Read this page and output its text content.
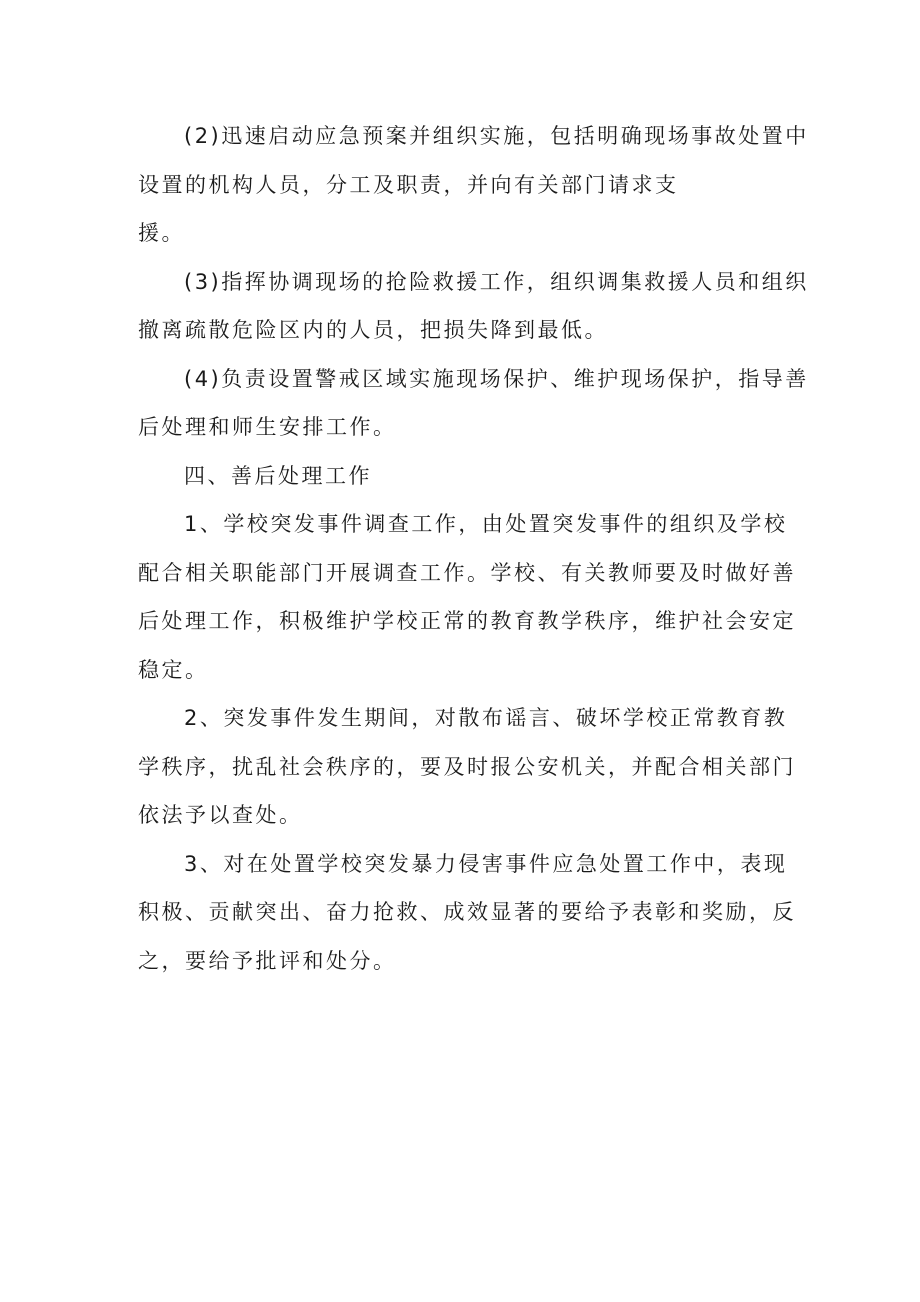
(2)迅速启动应急预案并组织实施，包括明确现场事故处置中
设置的机构人员，分工及职责，并向有关部门请求支
援。
(3)指挥协调现场的抢险救援工作，组织调集救援人员和组织
撤离疏散危险区内的人员，把损失降到最低。
(4)负责设置警戒区域实施现场保护、维护现场保护，指导善
后处理和师生安排工作。
四、善后处理工作
1、学校突发事件调查工作，由处置突发事件的组织及学校
配合相关职能部门开展调查工作。学校、有关教师要及时做好善
后处理工作，积极维护学校正常的教育教学秩序，维护社会安定
稳定。
2、突发事件发生期间，对散布谣言、破坏学校正常教育教
学秩序，扰乱社会秩序的，要及时报公安机关，并配合相关部门
依法予以查处。
3、对在处置学校突发暴力侵害事件应急处置工作中，表现
积极、贡献突出、奋力抢救、成效显著的要给予表彰和奖励，反
之，要给予批评和处分。
